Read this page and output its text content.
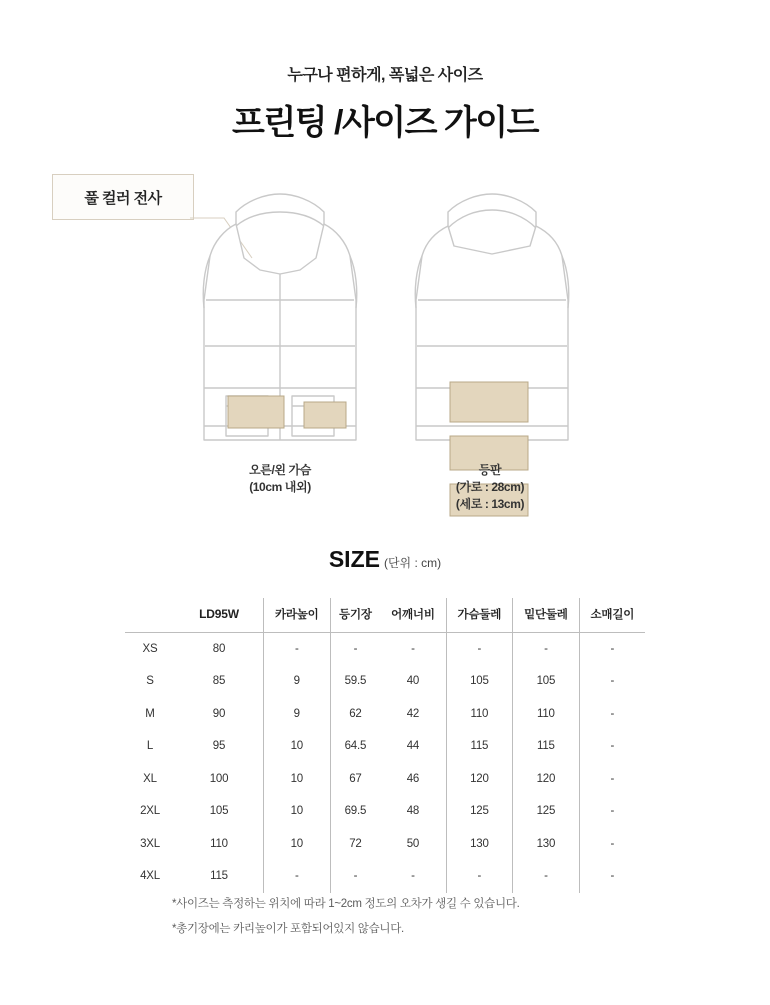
누구나 편하게, 폭넓은 사이즈
프린팅 /사이즈 가이드
풀 컬러 전사
오른/왼 가슴
(10cm 내외)
등판
(가로 : 28cm)
(세로 : 13cm)
SIZE (단위 : cm)
	LD95W	카라높이	등기장	어깨너비	가슴둘레	밑단둘레	소매길이
XS	80	-	-	-	-	-	-
S	85	9	59.5	40	105	105	-
M	90	9	62	42	110	110	-
L	95	10	64.5	44	115	115	-
XL	100	10	67	46	120	120	-
2XL	105	10	69.5	48	125	125	-
3XL	110	10	72	50	130	130	-
4XL	115	-	-	-	-	-	-
*사이즈는 측정하는 위치에 따라 1~2cm 정도의 오차가 생길 수 있습니다.
*총기장에는 카리높이가 포함되어있지 않습니다.
